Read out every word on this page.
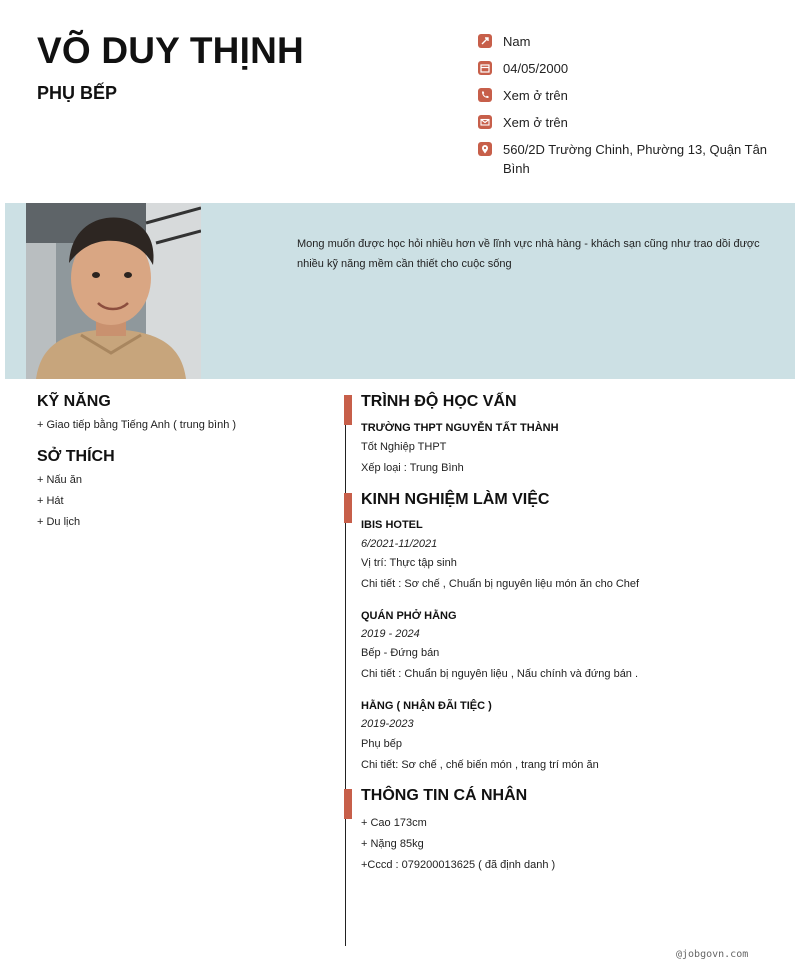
VÕ DUY THỊNH
PHỤ BẾP
Nam
04/05/2000
Xem ở trên
Xem ở trên
560/2D Trường Chinh, Phường 13, Quận Tân Bình

Mong muốn được học hỏi nhiều hơn về lĩnh vực nhà hàng - khách sạn cũng như trao dồi được nhiều kỹ năng mềm cần thiết cho cuộc sống

KỸ NĂNG
+ Giao tiếp bằng Tiếng Anh ( trung bình )
SỞ THÍCH
+ Nấu ăn
+ Hát
+ Du lịch
TRÌNH ĐỘ HỌC VẤN
TRƯỜNG THPT NGUYỄN TẤT THÀNH
Tốt Nghiệp THPT
Xếp loại : Trung Bình
KINH NGHIỆM LÀM VIỆC
IBIS HOTEL
6/2021-11/2021
Vị trí: Thực tập sinh
Chi tiết : Sơ chế , Chuẩn bị nguyên liệu món ăn cho Chef
QUÁN PHỞ HẰNG
2019 - 2024
Bếp - Đứng bán
Chi tiết : Chuẩn bị nguyên liệu , Nấu chính và đứng bán .
HẰNG ( NHẬN ĐÃI TIỆC )
2019-2023
Phụ bếp
Chi tiết: Sơ chế , chế biến món , trang trí món ăn
THÔNG TIN CÁ NHÂN
+ Cao 173cm
+ Nặng 85kg
+Cccd : 079200013625 ( đã định danh )
@jobgovn.com
